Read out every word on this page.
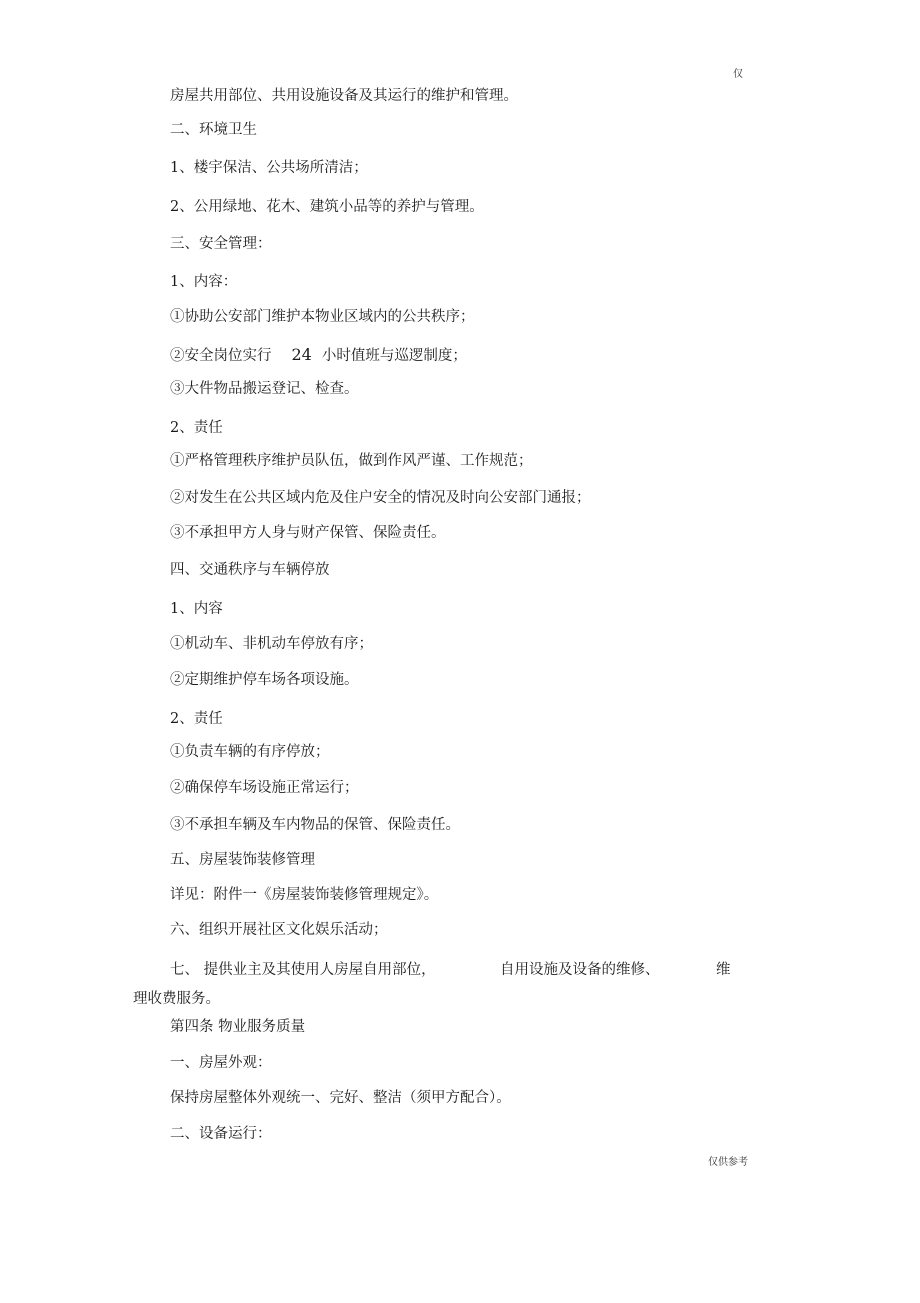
仅
房屋共用部位、共用设施设备及其运行的维护和管理。
二、环境卫生
1、楼宇保洁、公共场所清洁；
2、公用绿地、花木、建筑小品等的养护与管理。
三、安全管理：
1、内容：
①协助公安部门维护本物业区域内的公共秩序；
②安全岗位实行 24 小时值班与巡逻制度；
③大件物品搬运登记、检查。
2、责任
①严格管理秩序维护员队伍，做到作风严谨、工作规范；
②对发生在公共区域内危及住户安全的情况及时向公安部门通报；
③不承担甲方人身与财产保管、保险责任。
四、交通秩序与车辆停放
1、内容
①机动车、非机动车停放有序；
②定期维护停车场各项设施。
2、责任
①负责车辆的有序停放；
②确保停车场设施正常运行；
③不承担车辆及车内物品的保管、保险责任。
五、房屋装饰装修管理
详见：附件一《房屋装饰装修管理规定》。
六、组织开展社区文化娱乐活动；
七、 提供业主及其使用人房屋自用部位，	自用设施及设备的维修、	维
理收费服务。
第四条 物业服务质量
一、房屋外观：
保持房屋整体外观统一、完好、整洁（须甲方配合）。
二、设备运行：
仅供参考
